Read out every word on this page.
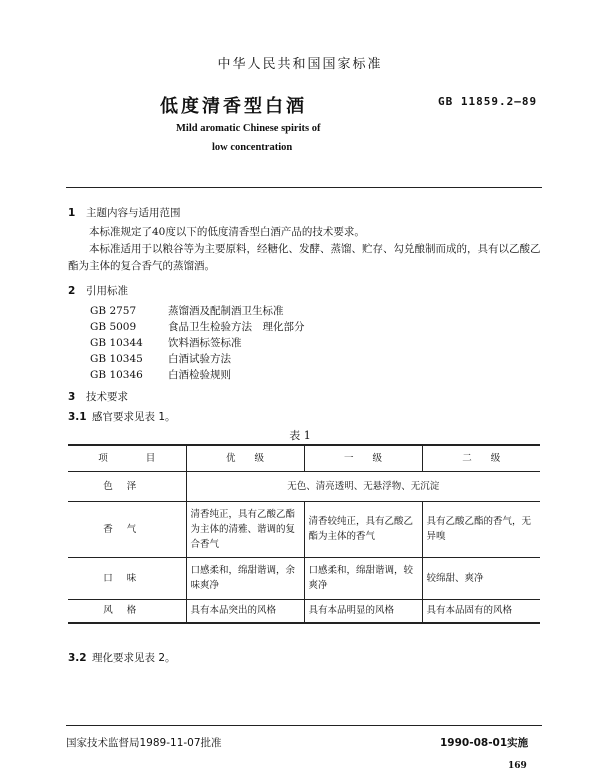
中华人民共和国国家标准
低度清香型白酒	GB 11859.2—89
Mild aromatic Chinese spirits of
low concentration
1 主题内容与适用范围
本标准规定了40度以下的低度清香型白酒产品的技术要求。
本标准适用于以粮谷等为主要原料，经糖化、发酵、蒸馏、贮存、勾兑酿制而成的，具有以乙酸乙酯为主体的复合香气的蒸馏酒。
2 引用标准
GB 2757	蒸馏酒及配制酒卫生标准
GB 5009	食品卫生检验方法　理化部分
GB 10344 饮料酒标签标准
GB 10345 白酒试验方法
GB 10346 白酒检验规则
3 技术要求
3.1 感官要求见表 1。
表 1
项　　　　目	优　　级	一　　级	二　　级
色泽	无色、清亮透明、无悬浮物、无沉淀		
香气	清香纯正，具有乙酸乙酯为主体的清雅、谐调的复合香气	清香较纯正，具有乙酸乙酯为主体的香气	具有乙酸乙酯的香气，无异嗅
口味	口感柔和，绵甜谐调，余味爽净	口感柔和，绵甜谐调，较爽净	较绵甜、爽净
风格	具有本品突出的风格	具有本品明显的风格	具有本品固有的风格
3.2 理化要求见表 2。
国家技术监督局1989-11-07批准	1990-08-01实施
169
